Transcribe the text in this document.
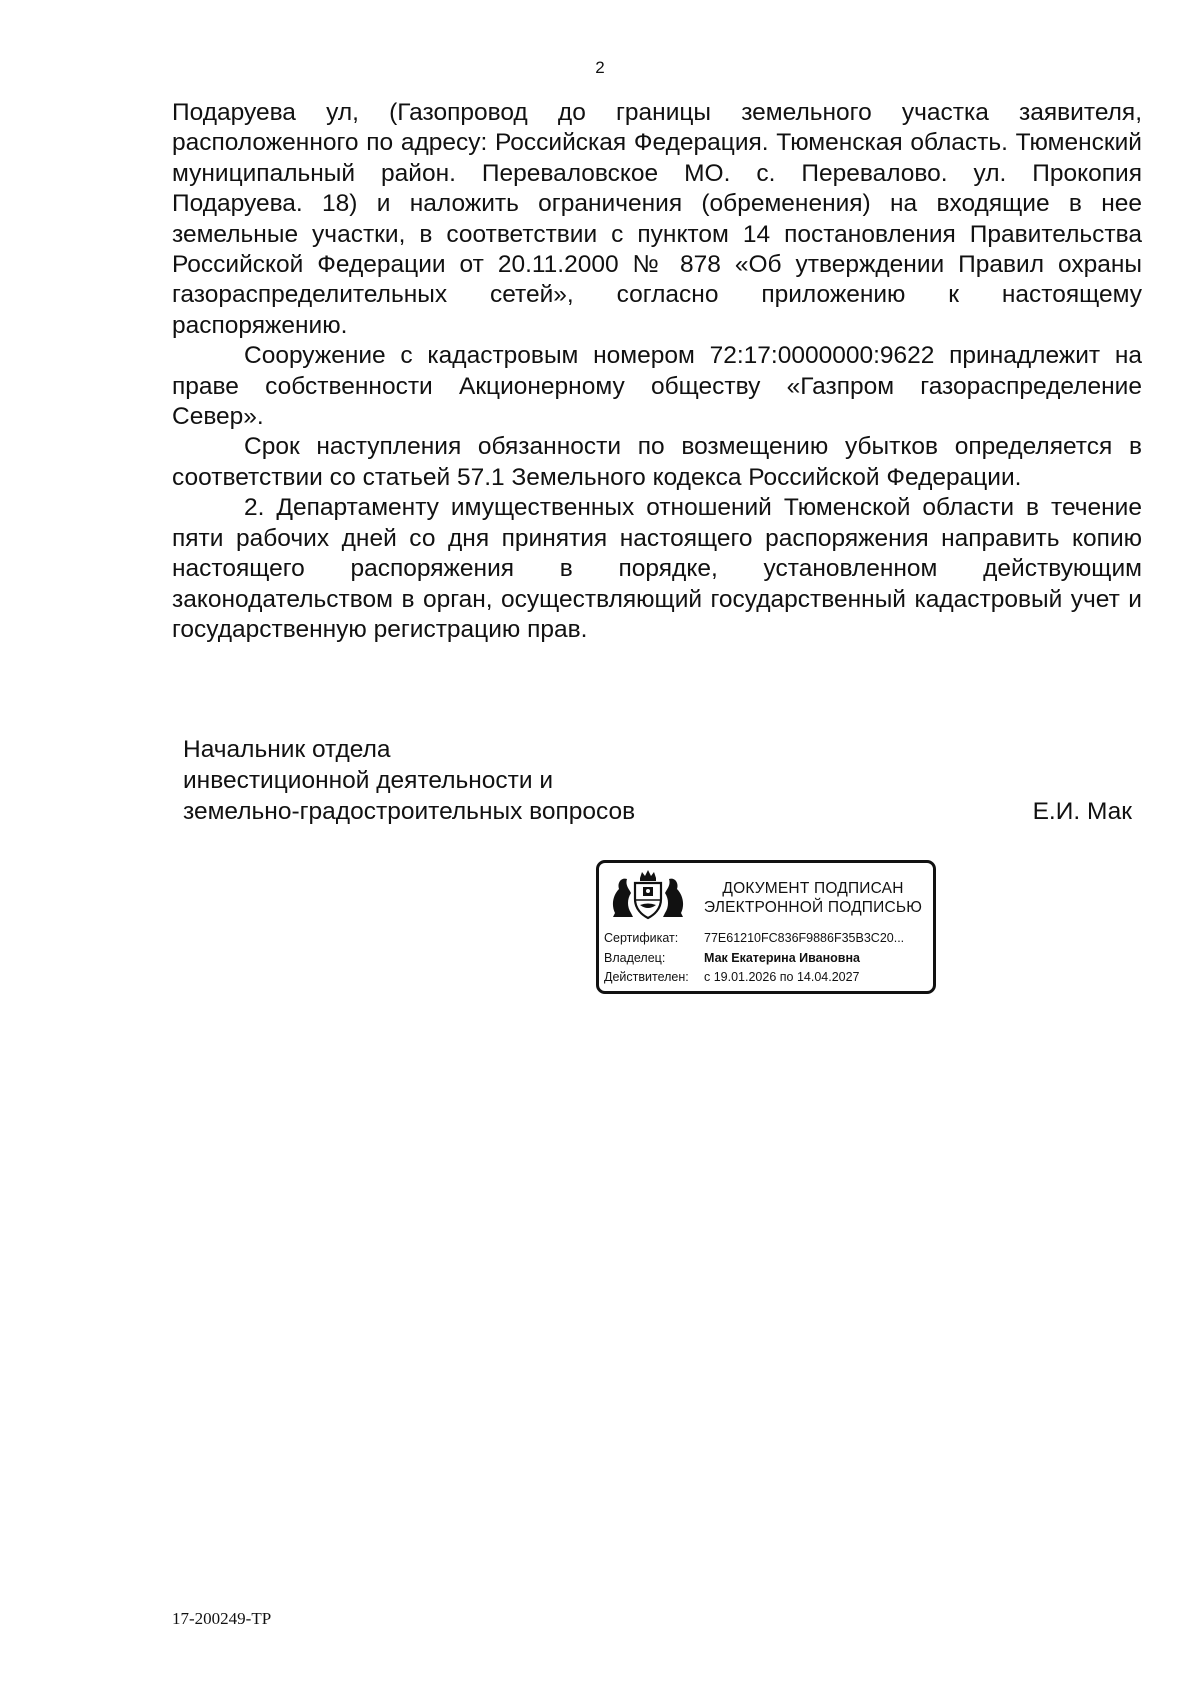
2

Подаруева ул, (Газопровод до границы земельного участка заявителя, расположенного по адресу: Российская Федерация. Тюменская область. Тюменский муниципальный район. Переваловское МО. с. Перевалово. ул. Прокопия Подаруева. 18) и наложить ограничения (обременения) на входящие в нее земельные участки, в соответствии с пунктом 14 постановления Правительства Российской Федерации от 20.11.2000 № 878 «Об утверждении Правил охраны газораспределительных сетей», согласно приложению к настоящему распоряжению.

Сооружение с кадастровым номером 72:17:0000000:9622 принадлежит на праве собственности Акционерному обществу «Газпром газораспределение Север».

Срок наступления обязанности по возмещению убытков определяется в соответствии со статьей 57.1 Земельного кодекса Российской Федерации.

2. Департаменту имущественных отношений Тюменской области в течение пяти рабочих дней со дня принятия настоящего распоряжения направить копию настоящего распоряжения в порядке, установленном действующим законодательством в орган, осуществляющий государственный кадастровый учет и государственную регистрацию прав.

Начальник отдела
инвестиционной деятельности и
земельно-градостроительных вопросов	Е.И. Мак
ДОКУМЕНТ ПОДПИСАН
ЭЛЕКТРОННОЙ ПОДПИСЬЮ
Сертификат:	77E61210FC836F9886F35B3C20...
Владелец:	Мак Екатерина Ивановна
Действителен:	с 19.01.2026 по 14.04.2027
17-200249-ТР
